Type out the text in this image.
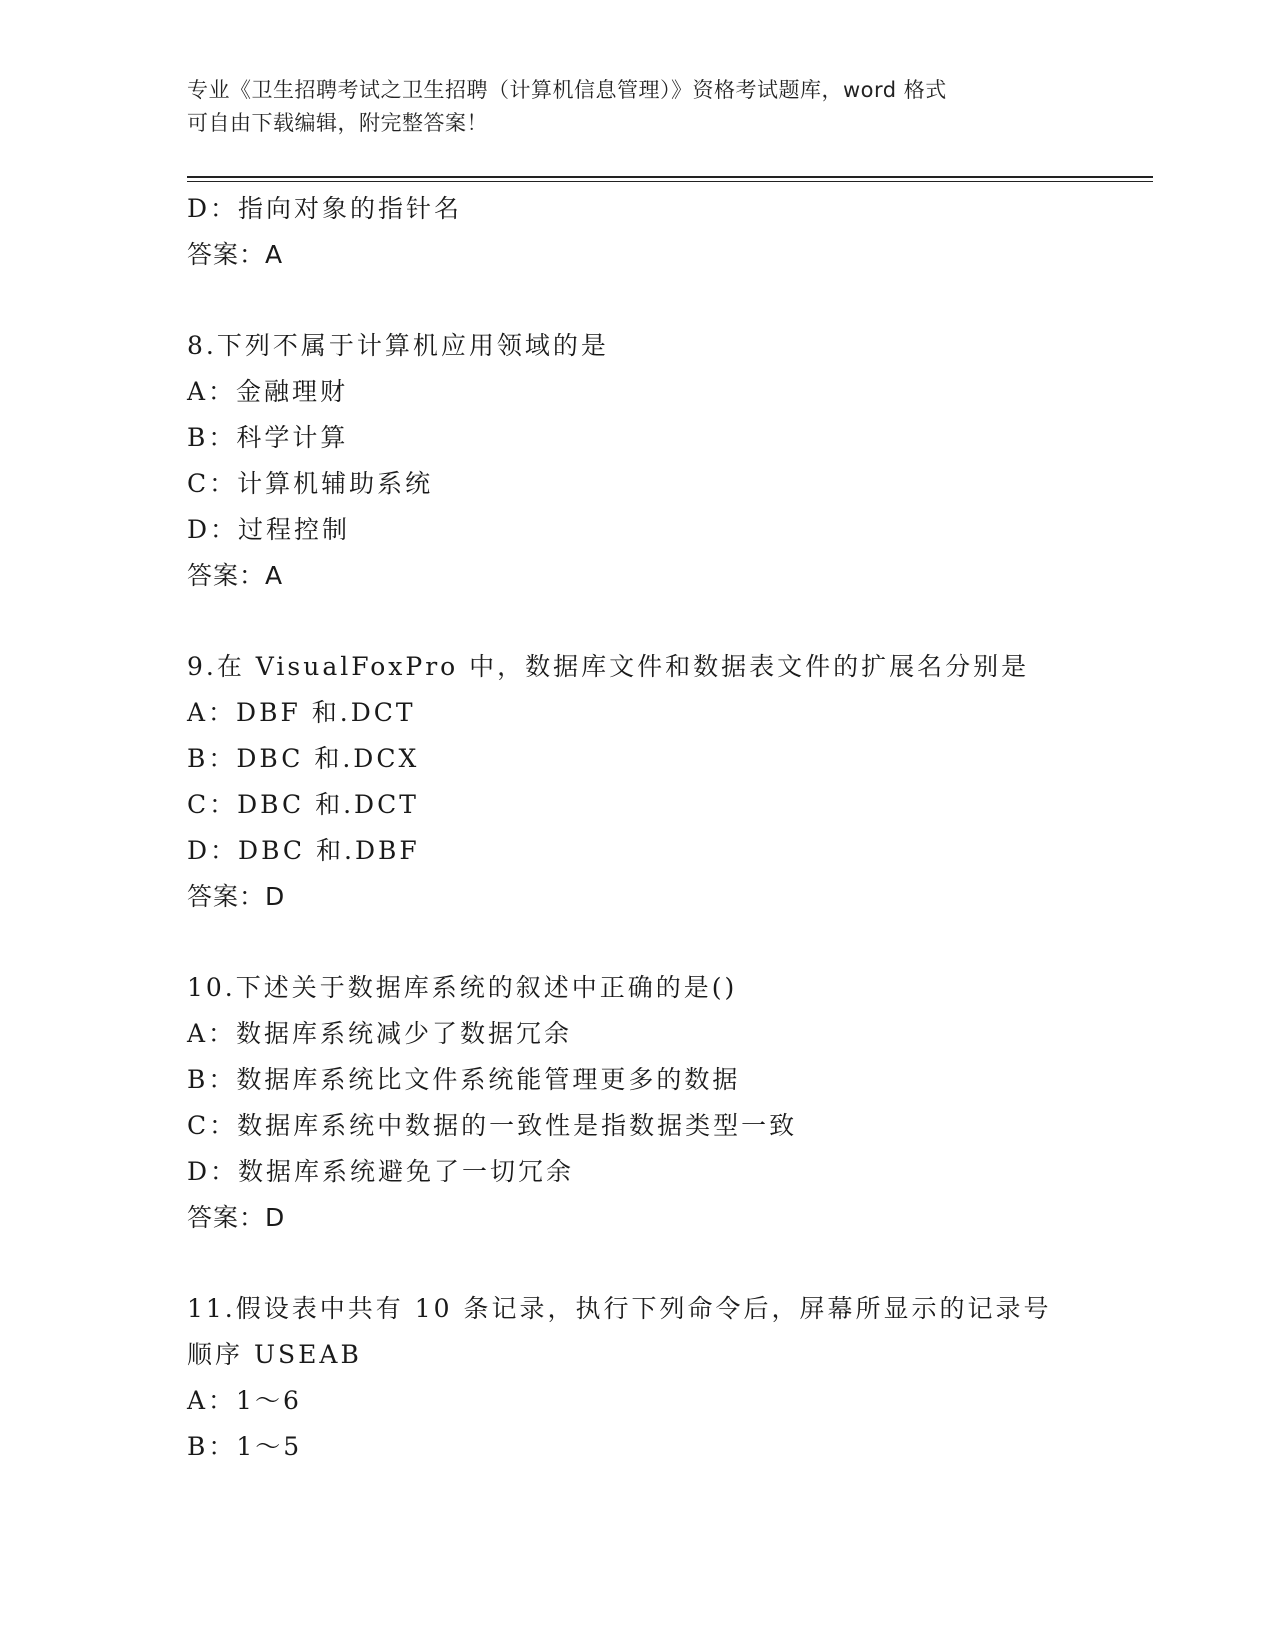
专业《卫生招聘考试之卫生招聘（计算机信息管理）》资格考试题库，word 格式
可自由下载编辑，附完整答案！
D：指向对象的指针名
答案：A
8.下列不属于计算机应用领域的是
A：金融理财
B：科学计算
C：计算机辅助系统
D：过程控制
答案：A
9.在 VisualFoxPro 中，数据库文件和数据表文件的扩展名分别是
A：DBF 和.DCT
B：DBC 和.DCX
C：DBC 和.DCT
D：DBC 和.DBF
答案：D
10.下述关于数据库系统的叙述中正确的是()
A：数据库系统减少了数据冗余
B：数据库系统比文件系统能管理更多的数据
C：数据库系统中数据的一致性是指数据类型一致
D：数据库系统避免了一切冗余
答案：D
11.假设表中共有 10 条记录，执行下列命令后，屏幕所显示的记录号
顺序 USEAB
A：1～6
B：1～5
